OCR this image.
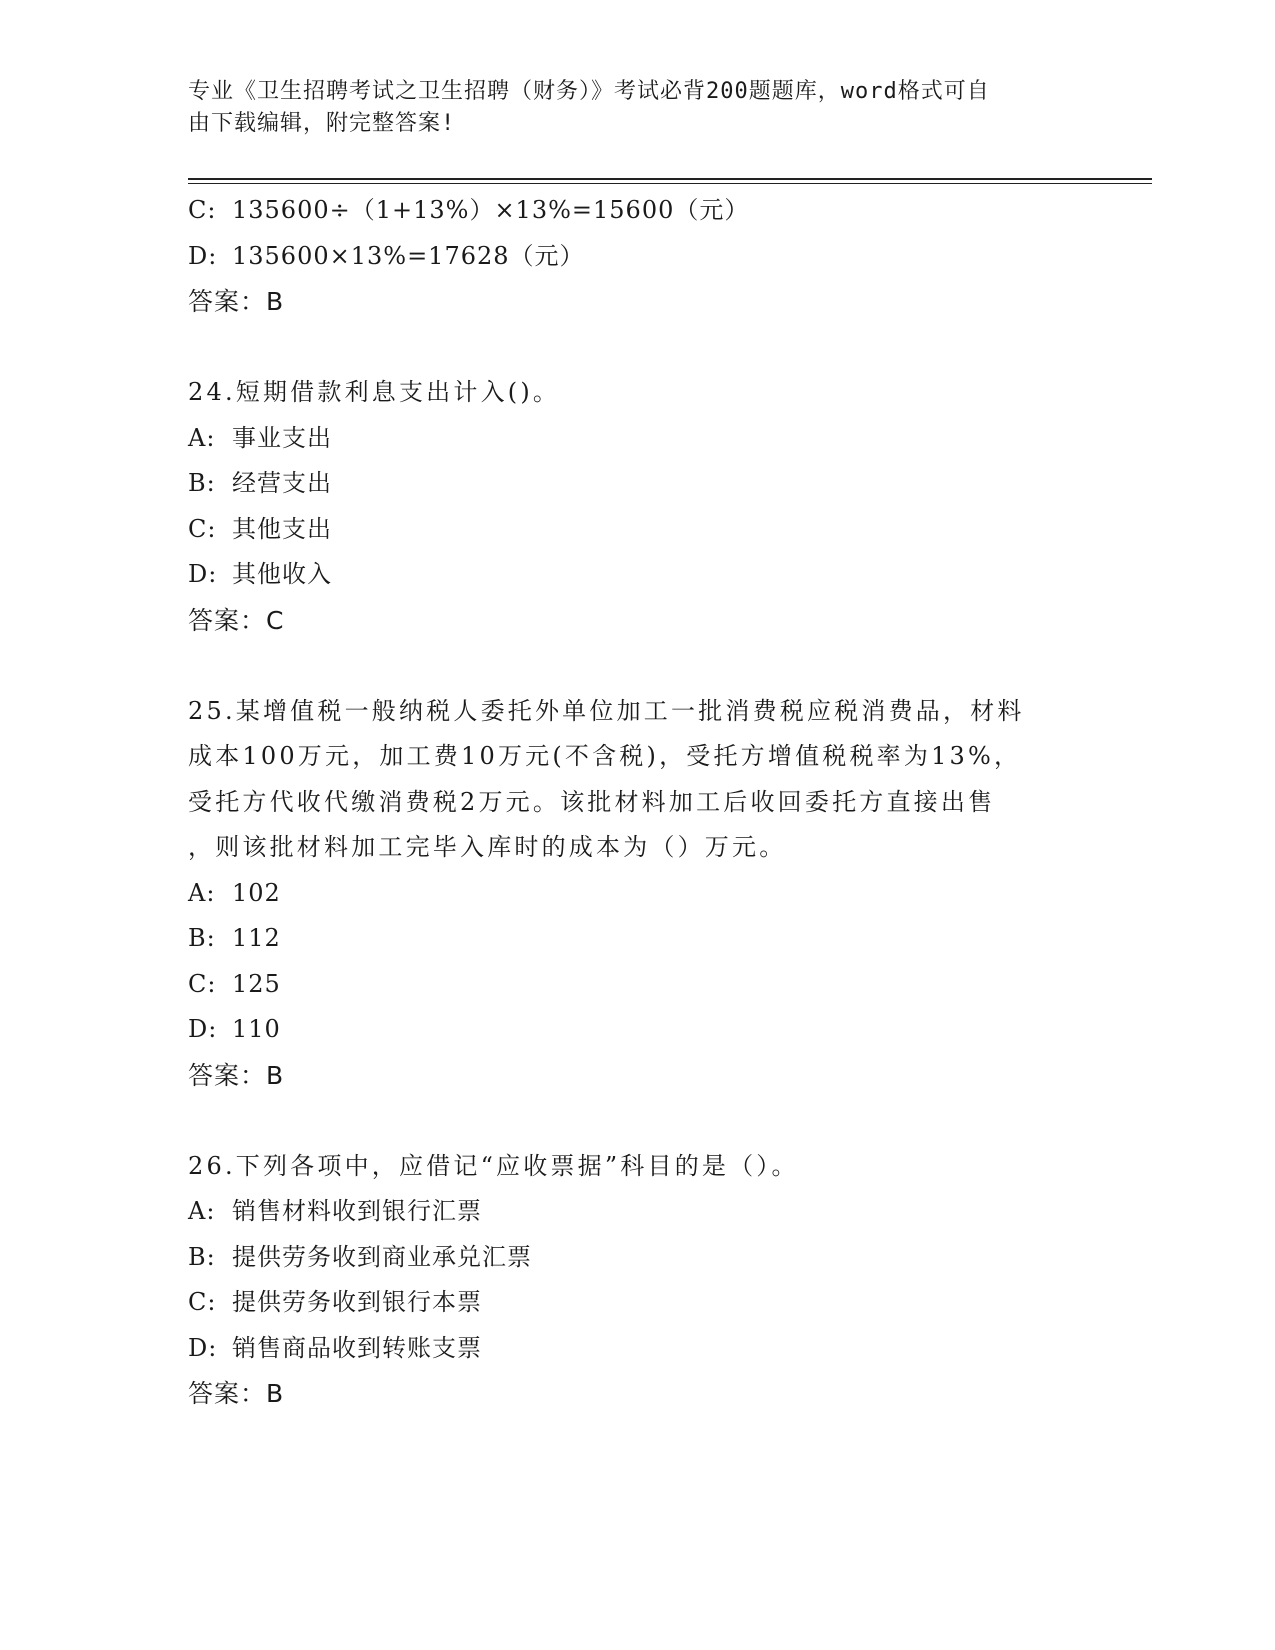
专业《卫生招聘考试之卫生招聘（财务）》考试必背200题题库，word格式可自
由下载编辑，附完整答案!
C: 135600÷（1+13%）×13%=15600（元）
D: 135600×13%=17628（元）
答案：B
24.短期借款利息支出计入()。
A: 事业支出
B: 经营支出
C: 其他支出
D: 其他收入
答案：C
25.某增值税一般纳税人委托外单位加工一批消费税应税消费品，材料
成本100万元，加工费10万元(不含税)，受托方增值税税率为13%，
受托方代收代缴消费税2万元。该批材料加工后收回委托方直接出售
，则该批材料加工完毕入库时的成本为（）万元。
A: 102
B: 112
C: 125
D: 110
答案：B
26.下列各项中，应借记“应收票据”科目的是（）。
A: 销售材料收到银行汇票
B: 提供劳务收到商业承兑汇票
C: 提供劳务收到银行本票
D: 销售商品收到转账支票
答案：B
